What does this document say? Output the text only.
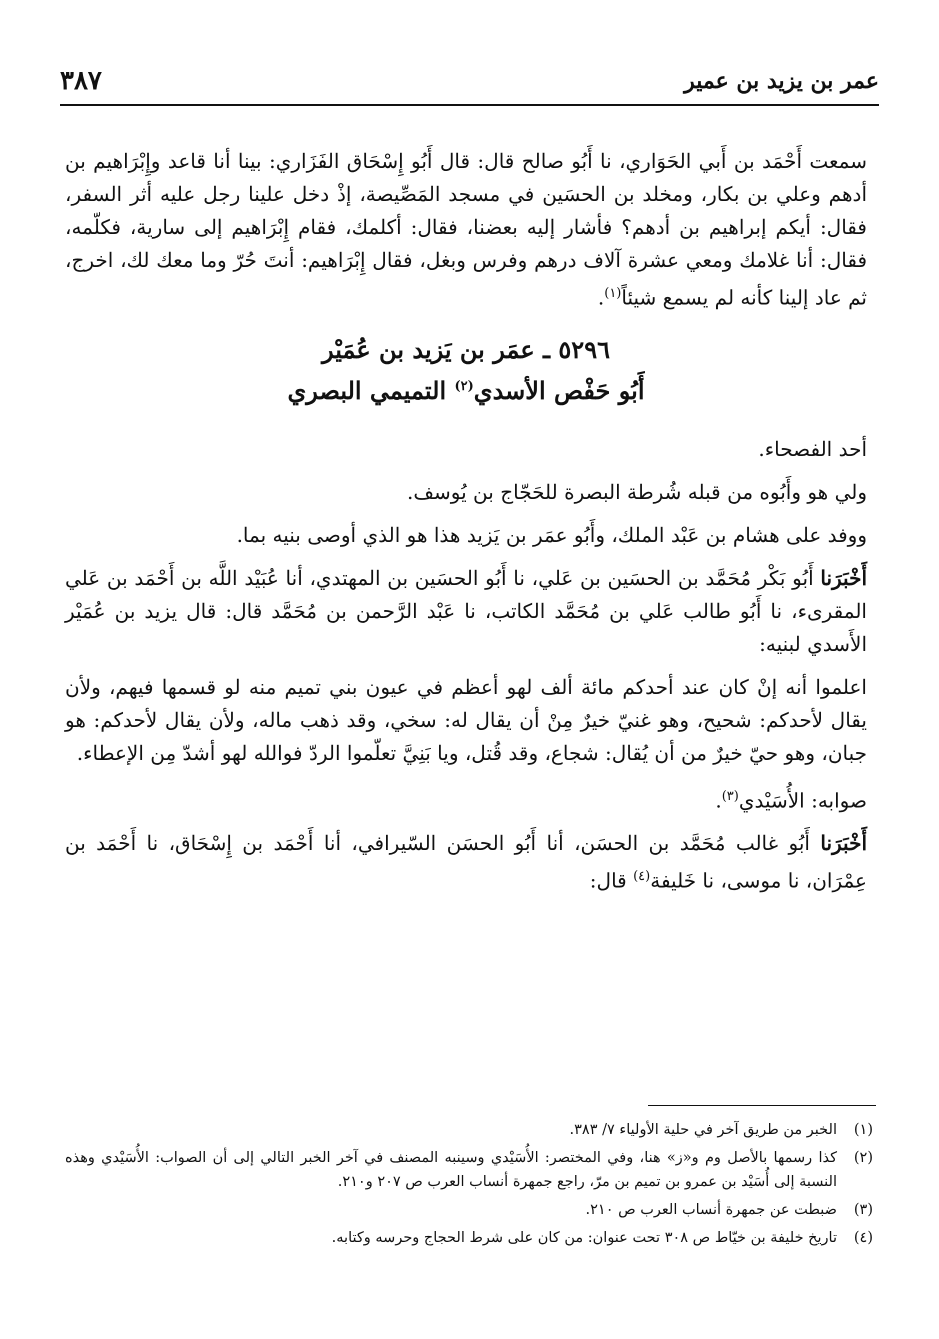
٣٨٧	عمر بن يزيد بن عمير

سمعت أَحْمَد بن أَبي الحَوَاري، نا أَبُو صالح قال: قال أَبُو إِسْحَاق الفَزَاري: بينا أنا قاعد وإِبْرَاهيم بن أدهم وعلي بن بكار، ومخلد بن الحسَين في مسجد المَصِّيصة، إذْ دخل علينا رجل عليه أثر السفر، فقال: أيكم إبراهيم بن أدهم؟ فأشار إليه بعضنا، فقال: أكلمك، فقام إِبْرَاهيم إلى سارية، فكلّمه، فقال: أنا غلامك ومعي عشرة آلاف درهم وفرس وبغل، فقال إِبْرَاهيم: أنتَ حُرّ وما معك لك، اخرج، ثم عاد إلينا كأنه لم يسمع شيئاً$^{(١)}$.

٥٢٩٦ ـ عمَر بن يَزيد بن عُمَيْر
أَبُو حَفْص الأسدي$^{(٢)}$ التميمي البصري

أحد الفصحاء.

ولي هو وأَبُوه من قبله شُرطة البصرة للحَجّاج بن يُوسف.

ووفد على هشام بن عَبْد الملك، وأَبُو عمَر بن يَزيد هذا هو الذي أوصى بنيه بما.

أَخْبَرَنا أَبُو بَكْر مُحَمَّد بن الحسَين بن عَلي، نا أَبُو الحسَين بن المهتدي، أنا عُبَيْد اللَّه بن أَحْمَد بن عَلي المقرىء، نا أَبُو طالب عَلي بن مُحَمَّد الكاتب، نا عَبْد الرَّحمن بن مُحَمَّد قال: قال يزيد بن عُمَيْر الأَسدي لبنيه:

اعلموا أنه إنْ كان عند أحدكم مائة ألف لهو أعظم في عيون بني تميم منه لو قسمها فيهم، ولأن يقال لأحدكم: شحيح، وهو غنيّ خيرٌ مِنْ أن يقال له: سخي، وقد ذهب ماله، ولأن يقال لأحدكم: هو جبان، وهو حيّ خيرٌ من أن يُقال: شجاع، وقد قُتل، ويا بَنِيَّ تعلّموا الردّ فوالله لهو أشدّ مِن الإعطاء.

صوابه: الأُسَيْدي$^{(٣)}$.

أَخْبَرَنا أَبُو غالب مُحَمَّد بن الحسَن، أنا أَبُو الحسَن السّيرافي، أنا أَحْمَد بن إِسْحَاق، نا أَحْمَد بن عِمْرَان، نا موسى، نا خَليفة$^{(٤)}$ قال:

(١)
الخبر من طريق آخر في حلية الأولياء ٧/ ٣٨٣.
(٢)
كذا رسمها بالأصل وم و«ز» هنا، وفي المختصر: الأُسَيْدي وسينبه المصنف في آخر الخبر التالي إلى أن الصواب: الأُسَيْدي وهذه النسبة إلى أُسَيْد بن عمرو بن تميم بن مرّ، راجع جمهرة أنساب العرب ص ٢٠٧ و٢١٠.
(٣)
ضبطت عن جمهرة أنساب العرب ص ٢١٠.
(٤)
تاريخ خليفة بن خيّاط ص ٣٠٨ تحت عنوان: من كان على شرط الحجاج وحرسه وكتابه.
